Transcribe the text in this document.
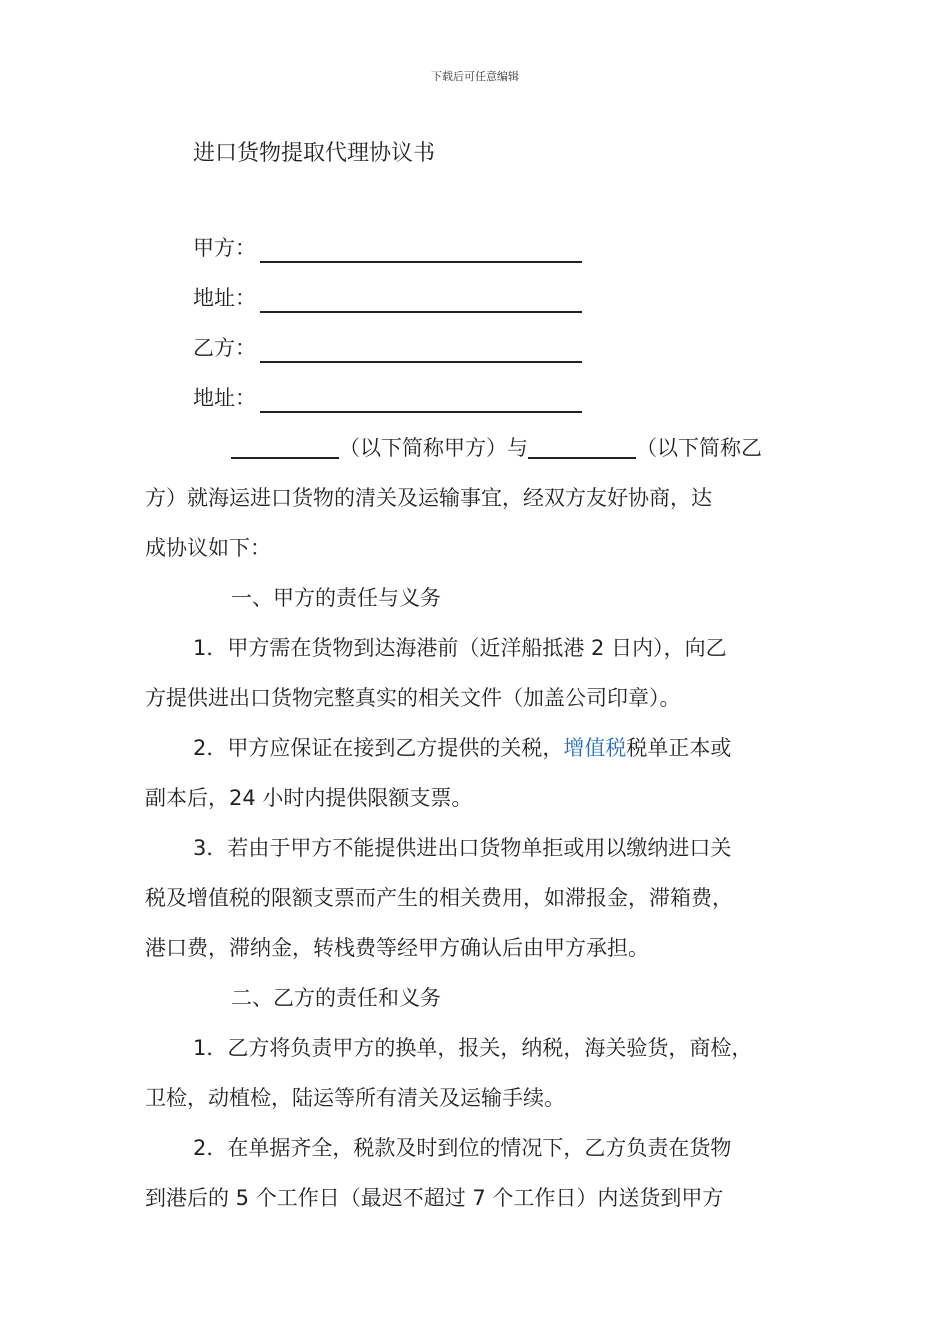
下载后可任意编辑
进口货物提取代理协议书
甲方：
地址：
乙方：
地址：
（以下简称甲方）与	（以下简称乙
方）就海运进口货物的清关及运输事宜，经双方友好协商，达
成协议如下：
一、甲方的责任与义务
1．甲方需在货物到达海港前（近洋船抵港 2 日内），向乙
方提供进出口货物完整真实的相关文件（加盖公司印章）。
2．甲方应保证在接到乙方提供的关税，增值税税单正本或
副本后，24 小时内提供限额支票。
3．若由于甲方不能提供进出口货物单拒或用以缴纳进口关
税及增值税的限额支票而产生的相关费用，如滞报金，滞箱费，
港口费，滞纳金，转栈费等经甲方确认后由甲方承担。
二、乙方的责任和义务
1．乙方将负责甲方的换单，报关，纳税，海关验货，商检，
卫检，动植检，陆运等所有清关及运输手续。
2．在单据齐全，税款及时到位的情况下，乙方负责在货物
到港后的 5 个工作日（最迟不超过 7 个工作日）内送货到甲方
